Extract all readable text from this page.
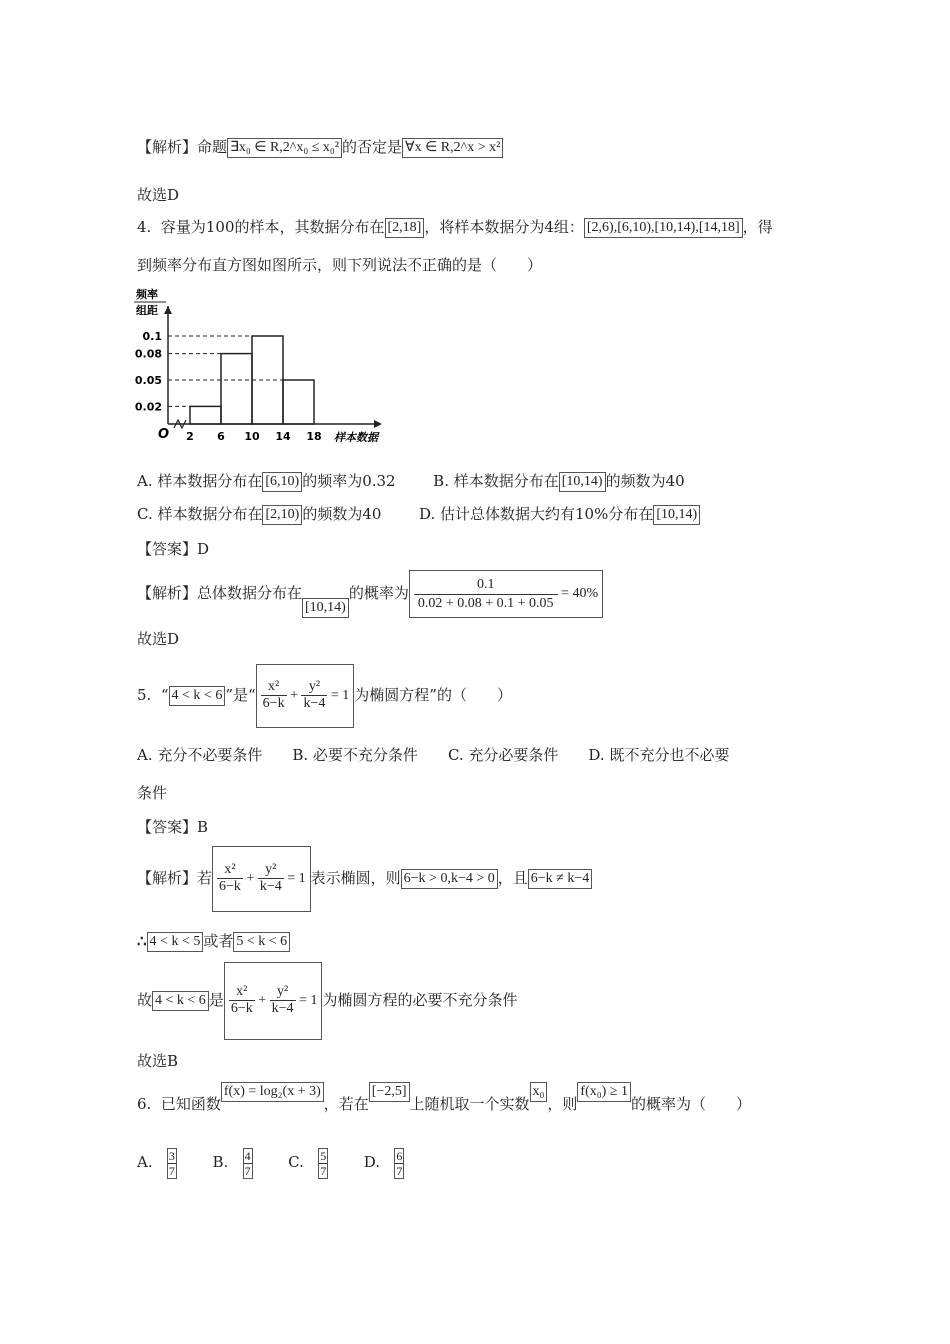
【解析】命题 ∃x₀ ∈ R,2^x₀ ≤ x₀² 的否定是 ∀x ∈ R,2^x > x²
故选D
4. 容量为100的样本，其数据分布在 [2,18] ，将样本数据分为4组： [2,6),[6,10),[10,14),[14,18] ，得
到频率分布直方图如图所示，则下列说法不正确的是（　　）
频率
组距
0.1
0.08
0.05
0.02
2 6 10 14 18
O	样本数据
A. 样本数据分布在 [6,10) 的频率为0.32	B. 样本数据分布在 [10,14) 的频数为40
C. 样本数据分布在 [2,10) 的频数为40	D. 估计总体数据大约有10%分布在 [10,14)
【答案】D
【解析】总体数据分布在[10,14)的概率为 $\frac{0.1}{0.02 + 0.08 + 0.1 + 0.05} = 40\%$
故选D
5. “ 4 < k < 6 ”是“ $\frac{\text{x²}}{6-k} + \frac{\text{y²}}{k-4} = 1$ 为椭圆方程”的（　　）
A. 充分不必要条件 B. 必要不充分条件 C. 充分必要条件 D. 既不充分也不必要
条件
【答案】B
【解析】若 $\frac{\text{x²}}{6-k} + \frac{\text{y²}}{k-4} = 1$ 表示椭圆，则 6−k > 0,k−4 > 0 ，且 6−k ≠ k−4
∴ 4 < k < 5 或者 5 < k < 6
故 4 < k < 6 是 $\frac{\text{x²}}{6-k} + \frac{\text{y²}}{k-4} = 1$ 为椭圆方程的必要不充分条件
故选B
6. 已知函数f(x) = log₂(x + 3)，若在[−2,5]上随机取一个实数x₀，则f(x₀) ≥ 1的概率为（　　）
A. $\frac{3}{7} B$. $\frac{4}{7} C$. $\frac{5}{7} D$. $\frac{6}{7}$
